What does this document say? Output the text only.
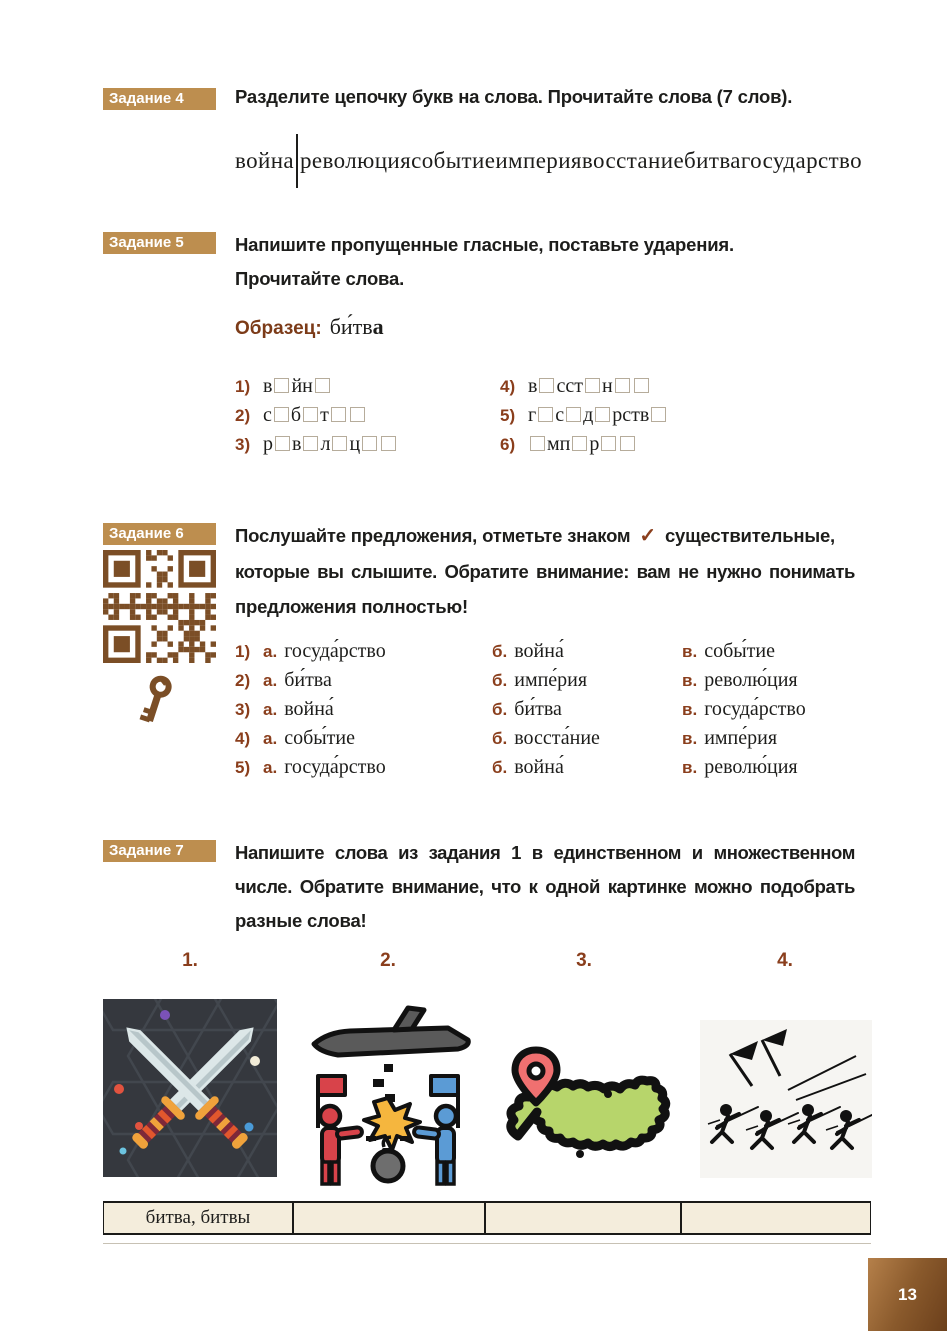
Задание 4	Разделите цепочку букв на слова. Прочитайте слова (7 слов).
война революциясобытиеимпериявосстаниебитвагосударство
Задание 5	Напишите пропущенные гласные, поставьте ударения.
Прочитайте слова.
Образец: би́тва
1) в йн
2) с б т
3) р в л ц
4) в сст н
5) г с д рств
6) мп р
Задание 6	Послушайте предложения, отметьте знаком ✓ существительные,
которые вы слышите. Обратите внимание: вам не нужно понимать
предложения полностью!
1) а. госуда́рство	б. война́	в. собы́тие
2) а. би́тва	б. импе́рия	в. револю́ция
3) а. война́	б. би́тва	в. госуда́рство
4) а. собы́тие	б. восста́ние	в. импе́рия
5) а. госуда́рство	б. война́	в. револю́ция
Задание 7	Напишите слова из задания 1 в единственном и множественном
числе. Обратите внимание, что к одной картинке можно подобрать
разные слова!
1.	2.	3.	4.
битва, битвы
13
